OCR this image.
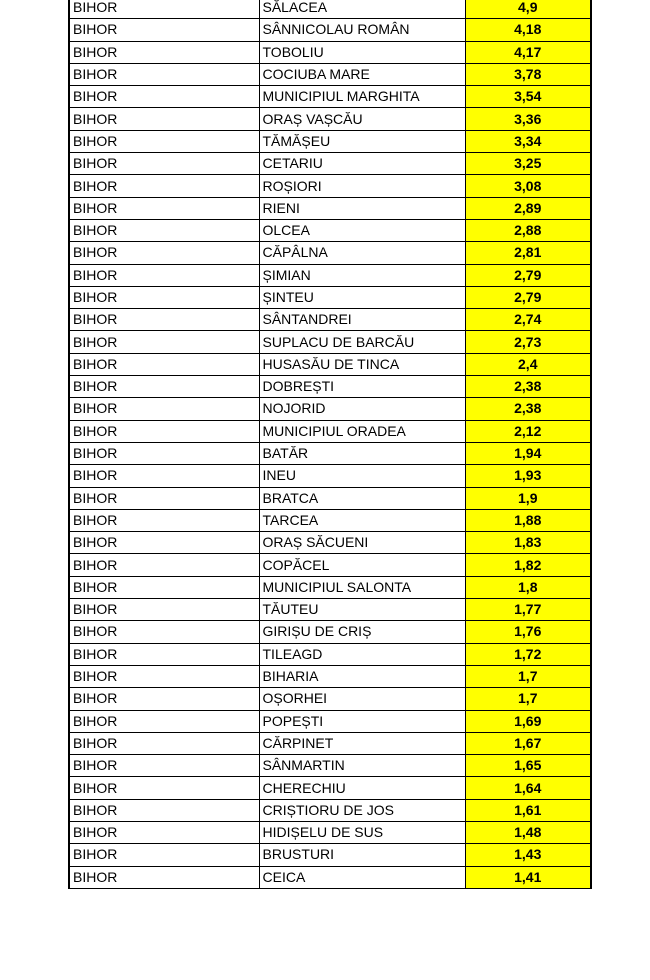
BIHOR	SĂLACEA	4,9
BIHOR	SÂNNICOLAU ROMÂN	4,18
BIHOR	TOBOLIU	4,17
BIHOR	COCIUBA MARE	3,78
BIHOR	MUNICIPIUL MARGHITA	3,54
BIHOR	ORAȘ VAȘCĂU	3,36
BIHOR	TĂMĂȘEU	3,34
BIHOR	CETARIU	3,25
BIHOR	ROȘIORI	3,08
BIHOR	RIENI	2,89
BIHOR	OLCEA	2,88
BIHOR	CĂPÂLNA	2,81
BIHOR	ȘIMIAN	2,79
BIHOR	ȘINTEU	2,79
BIHOR	SÂNTANDREI	2,74
BIHOR	SUPLACU DE BARCĂU	2,73
BIHOR	HUSASĂU DE TINCA	2,4
BIHOR	DOBREȘTI	2,38
BIHOR	NOJORID	2,38
BIHOR	MUNICIPIUL ORADEA	2,12
BIHOR	BATĂR	1,94
BIHOR	INEU	1,93
BIHOR	BRATCA	1,9
BIHOR	TARCEA	1,88
BIHOR	ORAȘ SĂCUENI	1,83
BIHOR	COPĂCEL	1,82
BIHOR	MUNICIPIUL SALONTA	1,8
BIHOR	TĂUTEU	1,77
BIHOR	GIRIȘU DE CRIȘ	1,76
BIHOR	TILEAGD	1,72
BIHOR	BIHARIA	1,7
BIHOR	OȘORHEI	1,7
BIHOR	POPEȘTI	1,69
BIHOR	CĂRPINET	1,67
BIHOR	SÂNMARTIN	1,65
BIHOR	CHERECHIU	1,64
BIHOR	CRIȘTIORU DE JOS	1,61
BIHOR	HIDIȘELU DE SUS	1,48
BIHOR	BRUSTURI	1,43
BIHOR	CEICA	1,41
